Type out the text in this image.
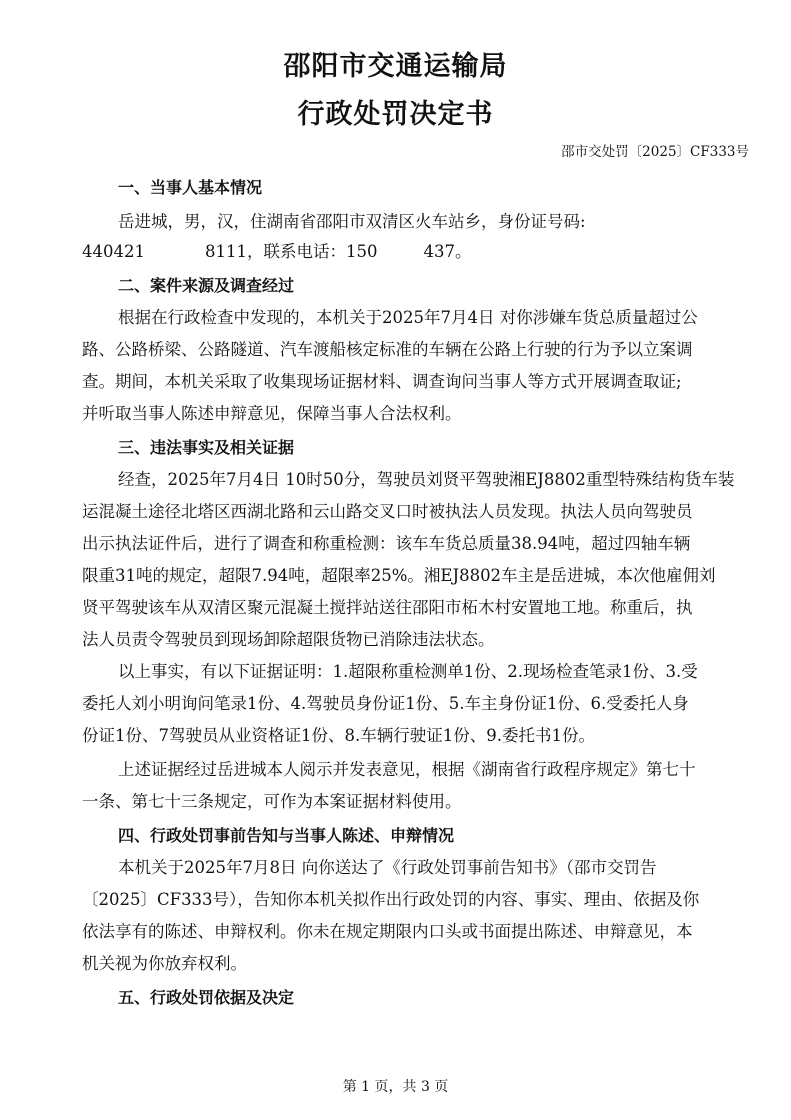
邵阳市交通运输局
行政处罚决定书
邵市交处罚〔2025〕CF333号
一、当事人基本情况
岳进城，男，汉，住湖南省邵阳市双清区火车站乡，身份证号码:
440421	8111，联系电话：150	437。
二、案件来源及调查经过
根据在行政检查中发现的，本机关于2025年7月4日 对你涉嫌车货总质量超过公
路、公路桥梁、公路隧道、汽车渡船核定标准的车辆在公路上行驶的行为予以立案调
查。期间，本机关采取了收集现场证据材料、调查询问当事人等方式开展调查取证;
并听取当事人陈述申辩意见，保障当事人合法权利。
三、违法事实及相关证据
经查，2025年7月4日 10时50分，驾驶员刘贤平驾驶湘EJ8802重型特殊结构货车装
运混凝土途径北塔区西湖北路和云山路交叉口时被执法人员发现。执法人员向驾驶员
出示执法证件后，进行了调查和称重检测：该车车货总质量38.94吨，超过四轴车辆
限重31吨的规定，超限7.94吨，超限率25%。湘EJ8802车主是岳进城，本次他雇佣刘
贤平驾驶该车从双清区聚元混凝土搅拌站送往邵阳市柘木村安置地工地。称重后，执
法人员责令驾驶员到现场卸除超限货物已消除违法状态。
以上事实，有以下证据证明：1.超限称重检测单1份、2.现场检查笔录1份、3.受
委托人刘小明询问笔录1份、4.驾驶员身份证1份、5.车主身份证1份、6.受委托人身
份证1份、7驾驶员从业资格证1份、8.车辆行驶证1份、9.委托书1份。
上述证据经过岳进城本人阅示并发表意见，根据《湖南省行政程序规定》第七十
一条、第七十三条规定，可作为本案证据材料使用。
四、行政处罚事前告知与当事人陈述、申辩情况
本机关于2025年7月8日 向你送达了《行政处罚事前告知书》（邵市交罚告
〔2025〕CF333号），告知你本机关拟作出行政处罚的内容、事实、理由、依据及你
依法享有的陈述、申辩权利。你未在规定期限内口头或书面提出陈述、申辩意见，本
机关视为你放弃权利。
五、行政处罚依据及决定
第 1 页，共 3 页
